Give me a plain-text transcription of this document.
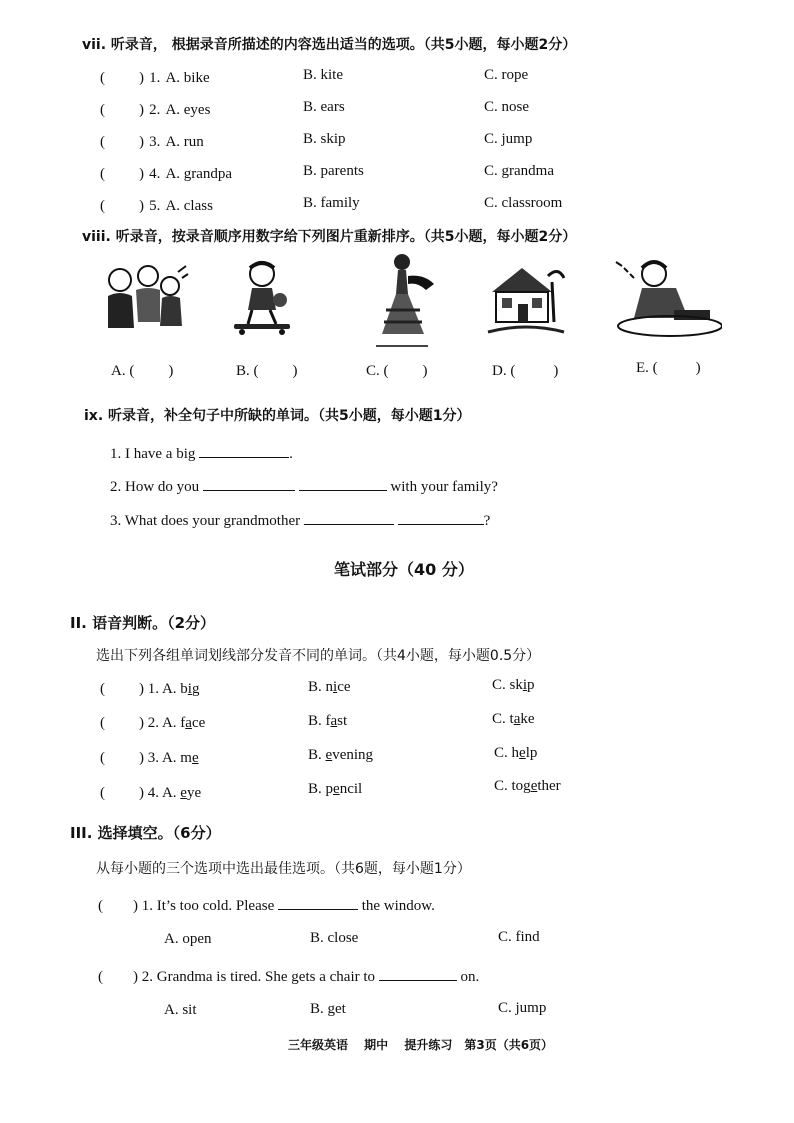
vii. 听录音， 根据录音所描述的内容选出适当的选项。（共5小题，每小题2分）
( ) 1. A. bike	B. kite	C. rope
( ) 2. A. eyes	B. ears	C. nose
( ) 3. A. run	B. skip	C. jump
( ) 4. A. grandpa	B. parents	C. grandma
( ) 5. A. class	B. family	C. classroom
viii. 听录音，按录音顺序用数字给下列图片重新排序。（共5小题，每小题2分）
A. ( )	B. ( )	C. ( )	D. (	)	E. (	)
ix. 听录音，补全句子中所缺的单词。（共5小题，每小题1分）
1. I have a big	.
2. How do you	with your family?
3. What does your grandmother	?
笔试部分（40 分）
II. 语音判断。（2分）
选出下列各组单词划线部分发音不同的单词。（共4小题，每小题0.5分）
( ) 1. A. big	B. nice	C. skip
( ) 2. A. face	B. fast	C. take
( ) 3. A. me	B. evening	C. help
( ) 4. A. eye	B. pencil	C. together
III. 选择填空。（6分）
从每小题的三个选项中选出最佳选项。（共6题，每小题1分）
( ) 1. It’s too cold. Please	the window.
A. open	B. close	C. find
( ) 2. Grandma is tired. She gets a chair to	on.
A. sit	B. get	C. jump
三年级英语　 期中　 提升练习　第3页（共6页）
